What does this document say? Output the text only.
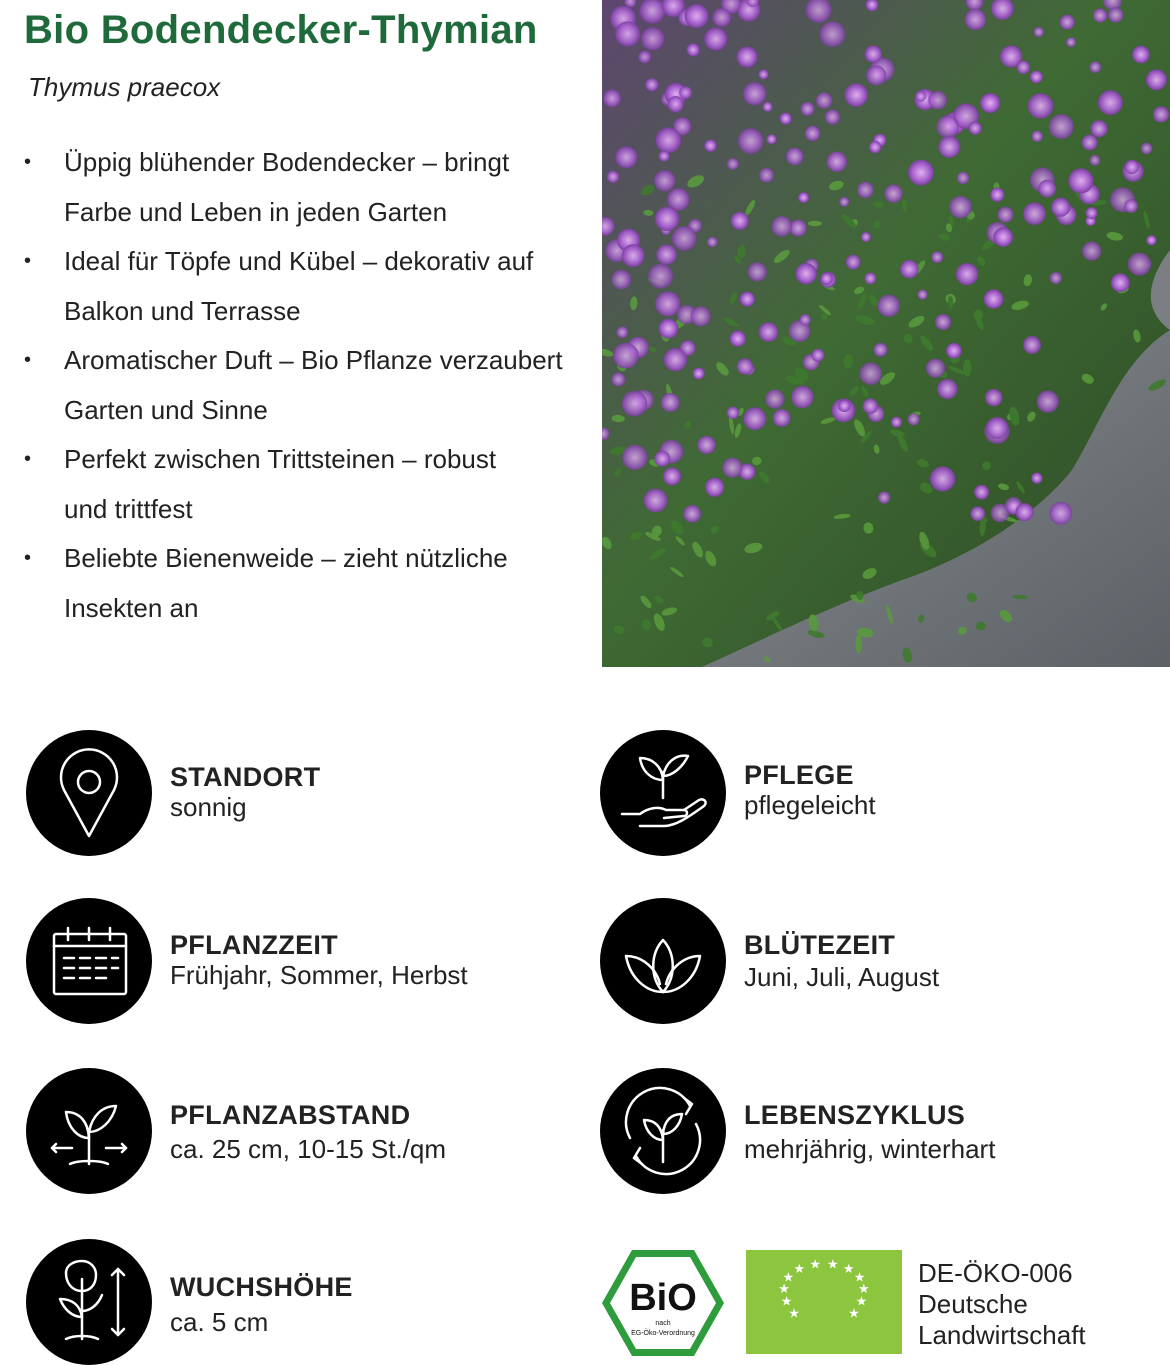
Bio Bodendecker-Thymian
Thymus praecox
• Üppig blühender Bodendecker – bringt
Farbe und Leben in jeden Garten
• Ideal für Töpfe und Kübel – dekorativ auf
Balkon und Terrasse
• Aromatischer Duft – Bio Pflanze verzaubert
Garten und Sinne
• Perfekt zwischen Trittsteinen – robust
und trittfest
• Beliebte Bienenweide – zieht nützliche
Insekten an
STANDORT
sonnig
PFLEGE
pflegeleicht
PFLANZZEIT
Frühjahr, Sommer, Herbst
BLÜTEZEIT
Juni, Juli, August
PFLANZABSTAND
ca. 25 cm, 10-15 St./qm
LEBENSZYKLUS
mehrjährig, winterhart
WUCHSHÖHE
ca. 5 cm
BiO
nach
EG-Öko-Verordnung
★
★
★
★
★ ★ ★ ★
★
★
★
★
DE-ÖKO-006
Deutsche
Landwirtschaft
